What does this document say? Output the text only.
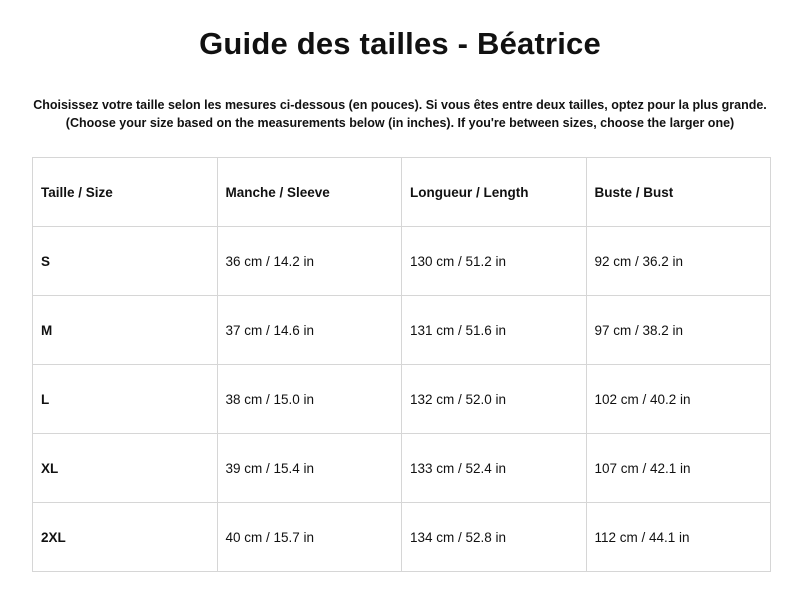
Guide des tailles - Béatrice

Choisissez votre taille selon les mesures ci-dessous (en pouces). Si vous êtes entre deux tailles, optez pour la plus grande.

(Choose your size based on the measurements below (in inches). If you're between sizes, choose the larger one)

Taille / Size	Manche / Sleeve	Longueur / Length	Buste / Bust
S	36 cm / 14.2 in	130 cm / 51.2 in	92 cm / 36.2 in
M	37 cm / 14.6 in	131 cm / 51.6 in	97 cm / 38.2 in
L	38 cm / 15.0 in	132 cm / 52.0 in	102 cm / 40.2 in
XL	39 cm / 15.4 in	133 cm / 52.4 in	107 cm / 42.1 in
2XL	40 cm / 15.7 in	134 cm / 52.8 in	112 cm / 44.1 in
